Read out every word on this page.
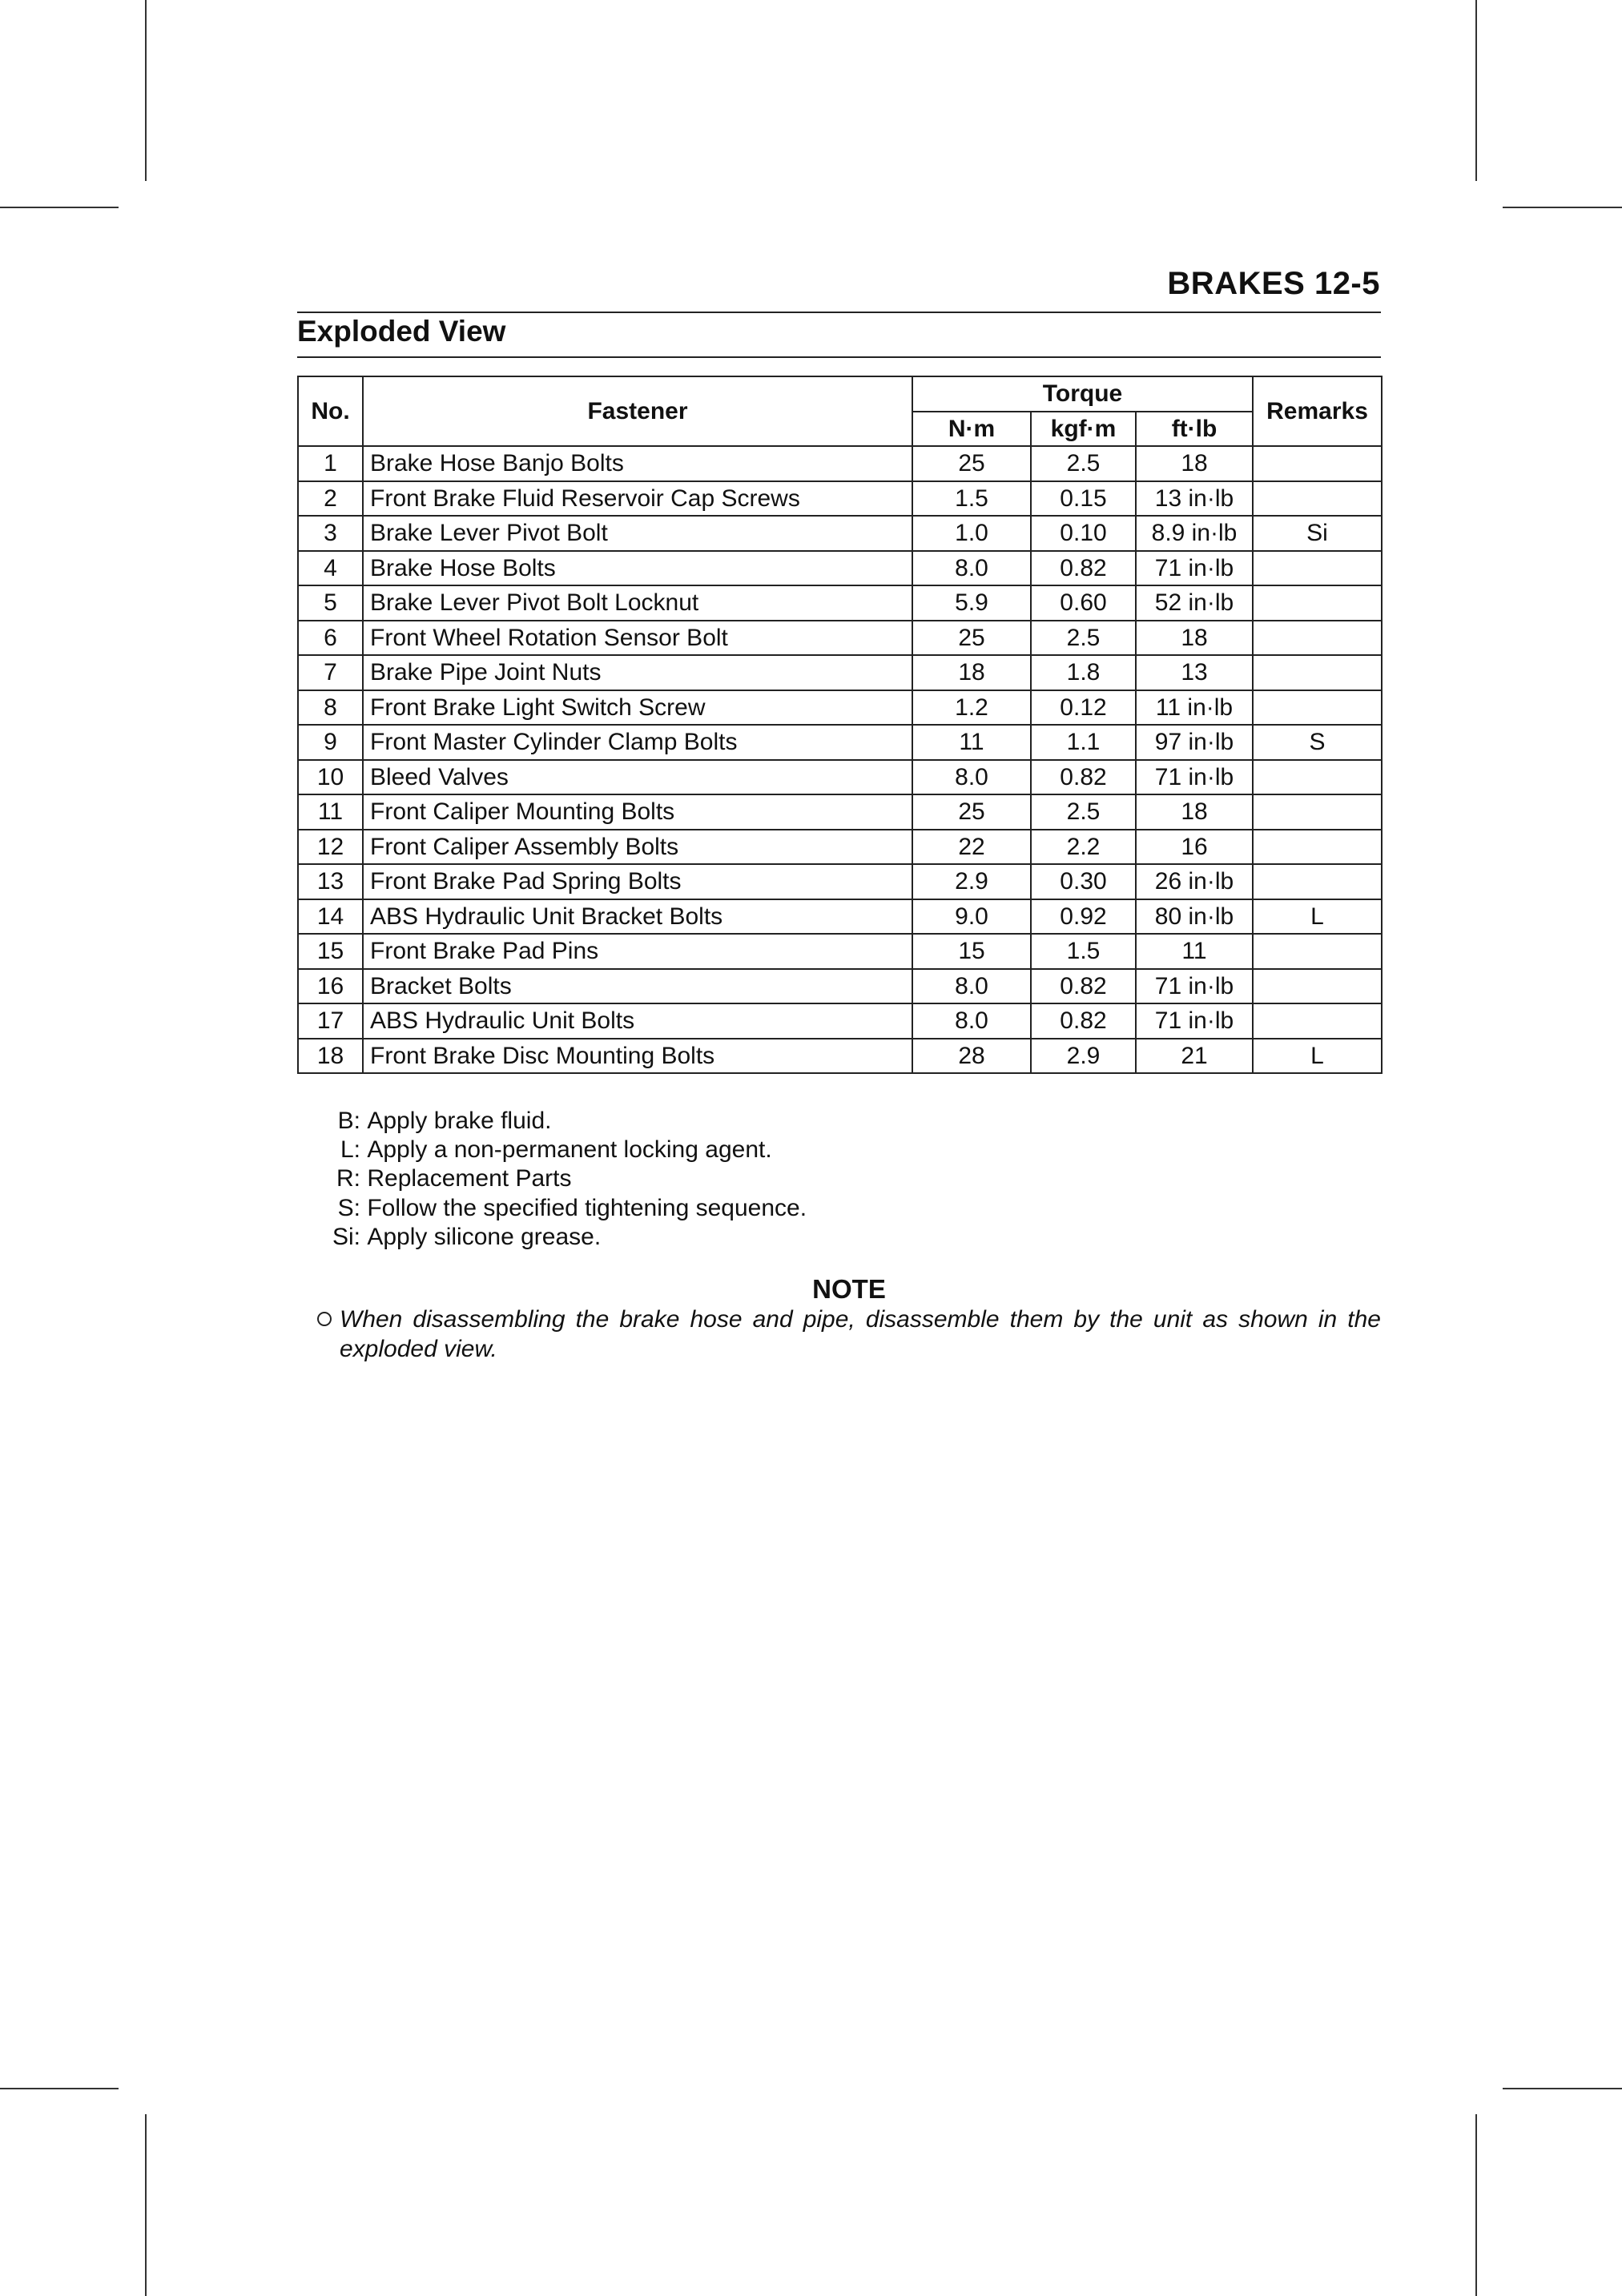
BRAKES 12-5
Exploded View
No.	Fastener	Torque			Remarks
		N·m	kgf·m	ft·lb	
1	Brake Hose Banjo Bolts	25	2.5	18	
2	Front Brake Fluid Reservoir Cap Screws	1.5	0.15	13 in·lb	
3	Brake Lever Pivot Bolt	1.0	0.10	8.9 in·lb	Si
4	Brake Hose Bolts	8.0	0.82	71 in·lb	
5	Brake Lever Pivot Bolt Locknut	5.9	0.60	52 in·lb	
6	Front Wheel Rotation Sensor Bolt	25	2.5	18	
7	Brake Pipe Joint Nuts	18	1.8	13	
8	Front Brake Light Switch Screw	1.2	0.12	11 in·lb	
9	Front Master Cylinder Clamp Bolts	11	1.1	97 in·lb	S
10	Bleed Valves	8.0	0.82	71 in·lb	
11	Front Caliper Mounting Bolts	25	2.5	18	
12	Front Caliper Assembly Bolts	22	2.2	16	
13	Front Brake Pad Spring Bolts	2.9	0.30	26 in·lb	
14	ABS Hydraulic Unit Bracket Bolts	9.0	0.92	80 in·lb	L
15	Front Brake Pad Pins	15	1.5	11	
16	Bracket Bolts	8.0	0.82	71 in·lb	
17	ABS Hydraulic Unit Bolts	8.0	0.82	71 in·lb	
18	Front Brake Disc Mounting Bolts	28	2.9	21	L
B:
Apply brake fluid.
L:
Apply a non-permanent locking agent.
R:
Replacement Parts
S:
Follow the specified tightening sequence.
Si:
Apply silicone grease.
NOTE
When disassembling the brake hose and pipe, disassemble them by the unit as shown in the exploded view.
